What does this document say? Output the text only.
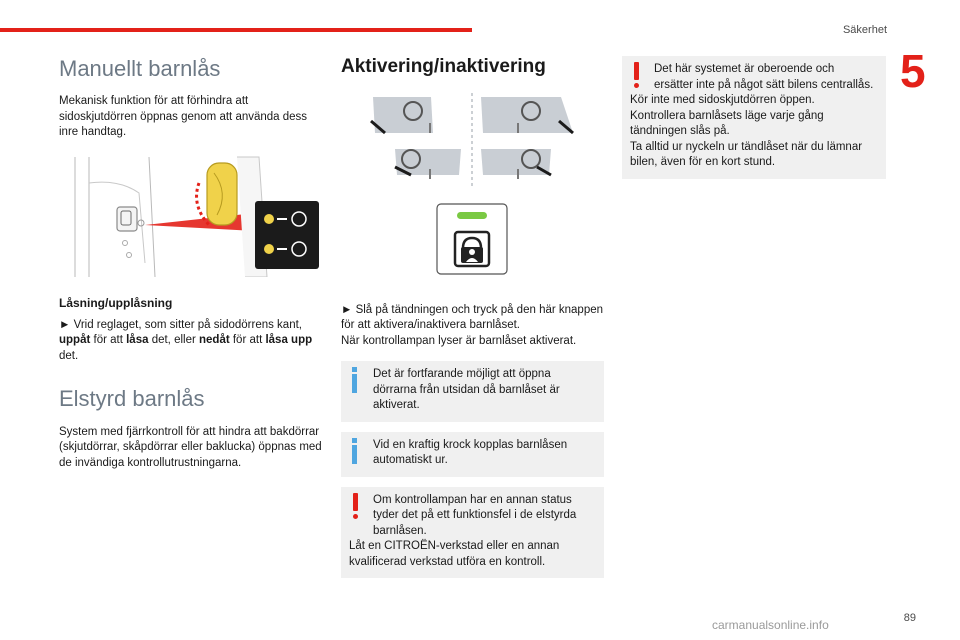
Säkerhet
5
Manuellt barnlås

Mekanisk funktion för att förhindra att sidoskjutdörren öppnas genom att använda dess inre handtag.

Låsning/upplåsning

► Vrid reglaget, som sitter på sidodörrens kant, uppåt för att låsa det, eller nedåt för att låsa upp det.

Elstyrd barnlås

System med fjärrkontroll för att hindra att bakdörrar (skjutdörrar, skåpdörrar eller baklucka) öppnas med de invändiga kontrollutrustningarna.

Aktivering/inaktivering

► Slå på tändningen och tryck på den här knappen för att aktivera/inaktivera barnlåset.

När kontrollampan lyser är barnlåset aktiverat.

Det är fortfarande möjligt att öppna dörrarna från utsidan då barnlåset är aktiverat.

Vid en kraftig krock kopplas barnlåsen automatiskt ur.

Om kontrollampan har en annan status tyder det på ett funktionsfel i de elstyrda barnlåsen.

Låt en CITROËN-verkstad eller en annan kvalificerad verkstad utföra en kontroll.

Det här systemet är oberoende och ersätter inte på något sätt bilens centrallås.

Kör inte med sidoskjutdörren öppen.

Kontrollera barnlåsets läge varje gång tändningen slås på.

Ta alltid ur nyckeln ur tändlåset när du lämnar bilen, även för en kort stund.

carmanualsonline.info	89
